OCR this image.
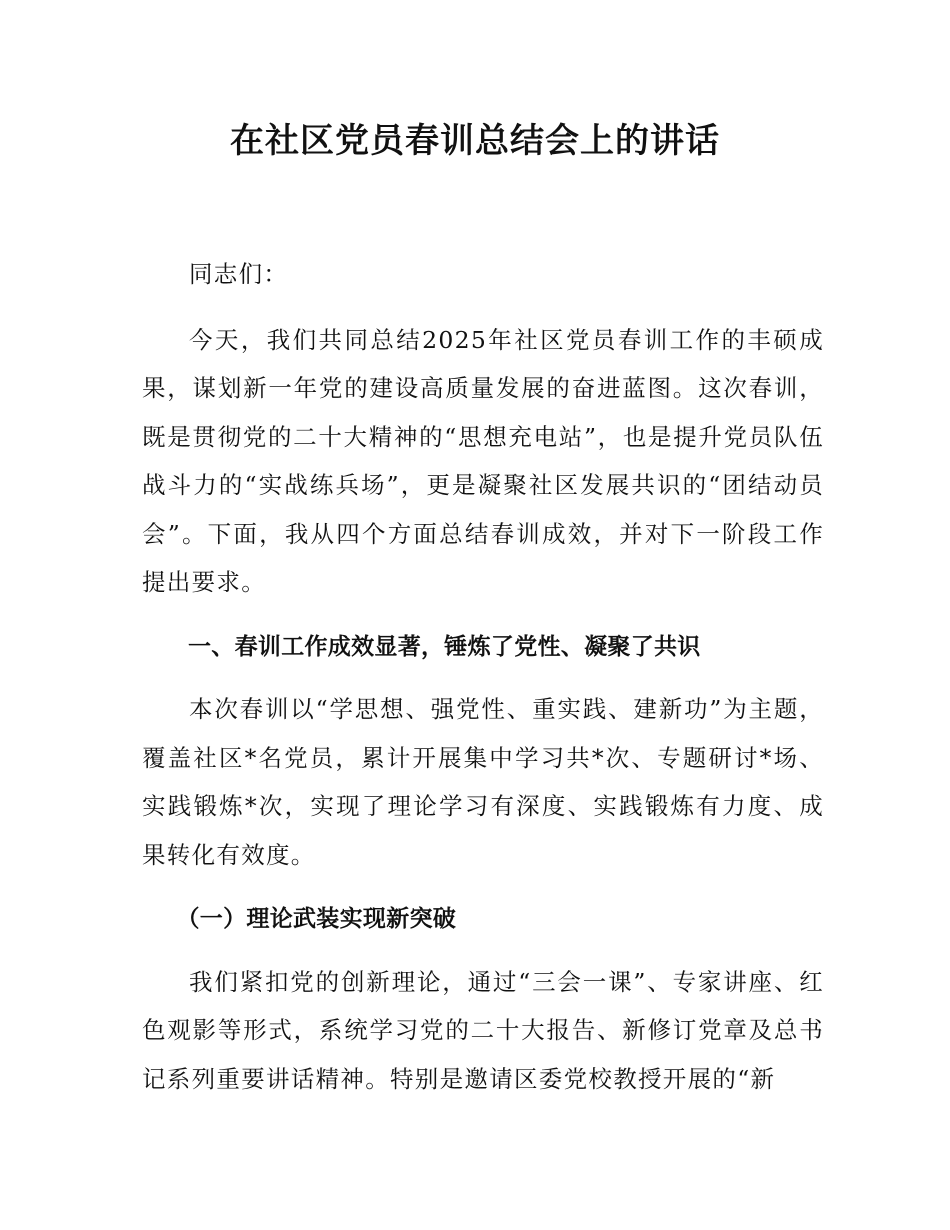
在社区党员春训总结会上的讲话

同志们：

今天，我们共同总结2025年社区党员春训工作的丰硕成果，谋划新一年党的建设高质量发展的奋进蓝图。这次春训，既是贯彻党的二十大精神的“思想充电站”，也是提升党员队伍战斗力的“实战练兵场”，更是凝聚社区发展共识的“团结动员会”。下面，我从四个方面总结春训成效，并对下一阶段工作提出要求。

一、春训工作成效显著，锤炼了党性、凝聚了共识

本次春训以“学思想、强党性、重实践、建新功”为主题，覆盖社区*名党员，累计开展集中学习共*次、专题研讨*场、实践锻炼*次，实现了理论学习有深度、实践锻炼有力度、成果转化有效度。

（一）理论武装实现新突破

我们紧扣党的创新理论，通过“三会一课”、专家讲座、红色观影等形式，系统学习党的二十大报告、新修订党章及总书记系列重要讲话精神。特别是邀请区委党校教授开展的“新
